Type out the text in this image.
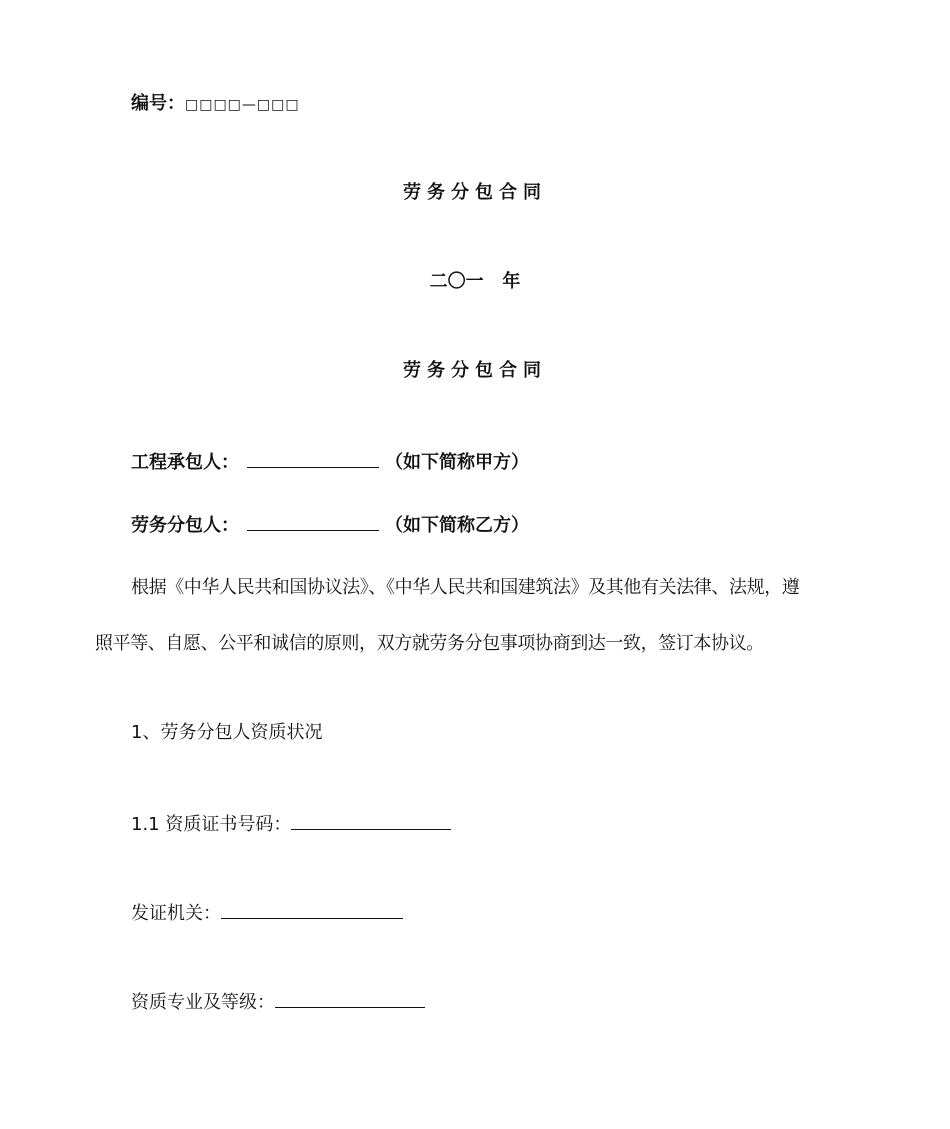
编号：□□□□—□□□
劳务分包合同
二〇一   年
劳务分包合同
工程承包人：	（如下简称甲方）
劳务分包人：	（如下简称乙方）
根据《中华人民共和国协议法》、《中华人民共和国建筑法》及其他有关法律、法规，遵
照平等、自愿、公平和诚信的原则，双方就劳务分包事项协商到达一致，签订本协议。
1、劳务分包人资质状况
1.1 资质证书号码：
发证机关：
资质专业及等级：
